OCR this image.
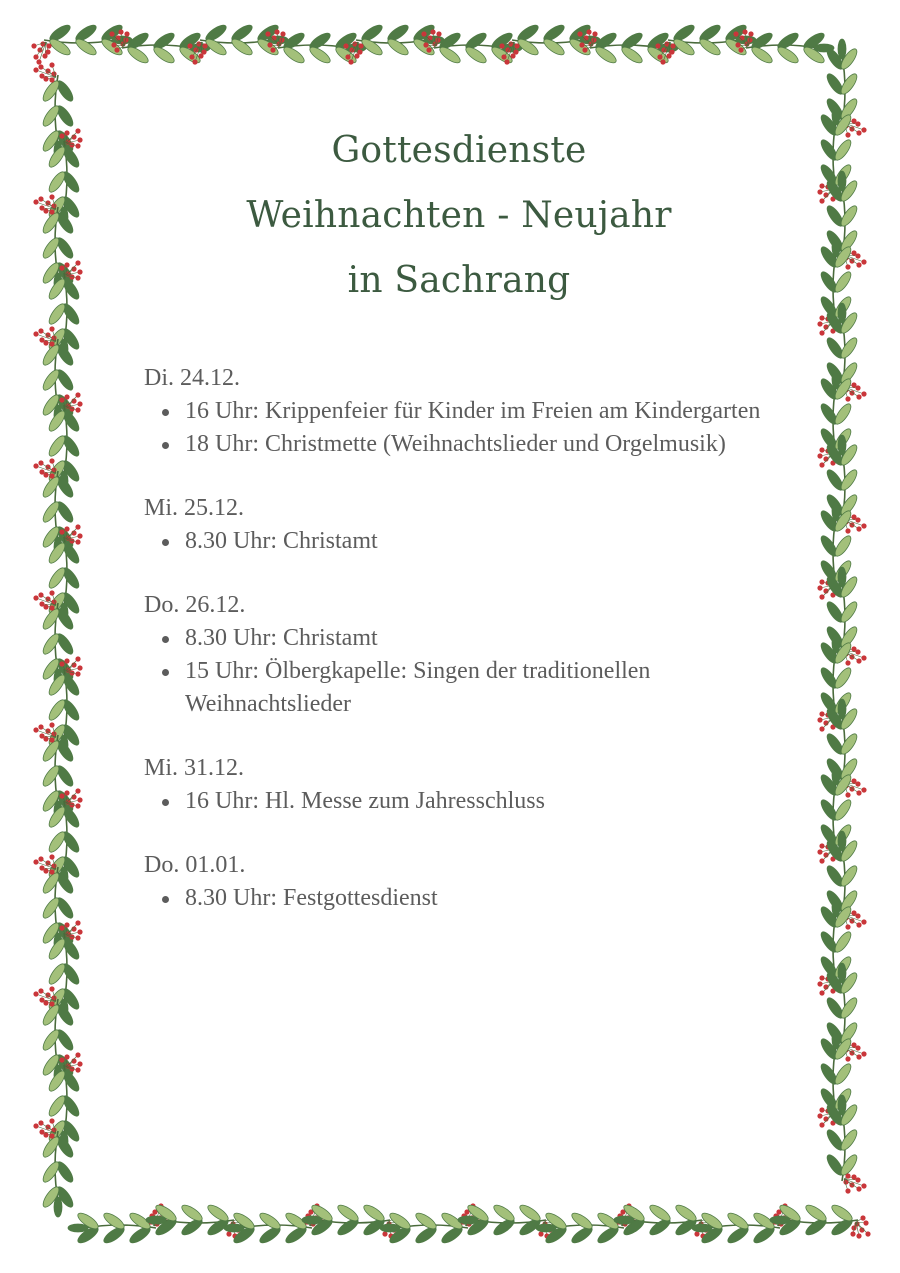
Gottesdienste
Weihnachten - Neujahr
in Sachrang
Di. 24.12.
16 Uhr: Krippenfeier für Kinder im Freien am Kindergarten
18 Uhr: Christmette (Weihnachtslieder und Orgelmusik)
Mi. 25.12.
8.30 Uhr: Christamt
Do. 26.12.
8.30 Uhr: Christamt
15 Uhr: Ölbergkapelle: Singen der traditionellen Weihnachtslieder
Mi. 31.12.
16 Uhr: Hl. Messe zum Jahresschluss
Do. 01.01.
8.30 Uhr: Festgottesdienst
